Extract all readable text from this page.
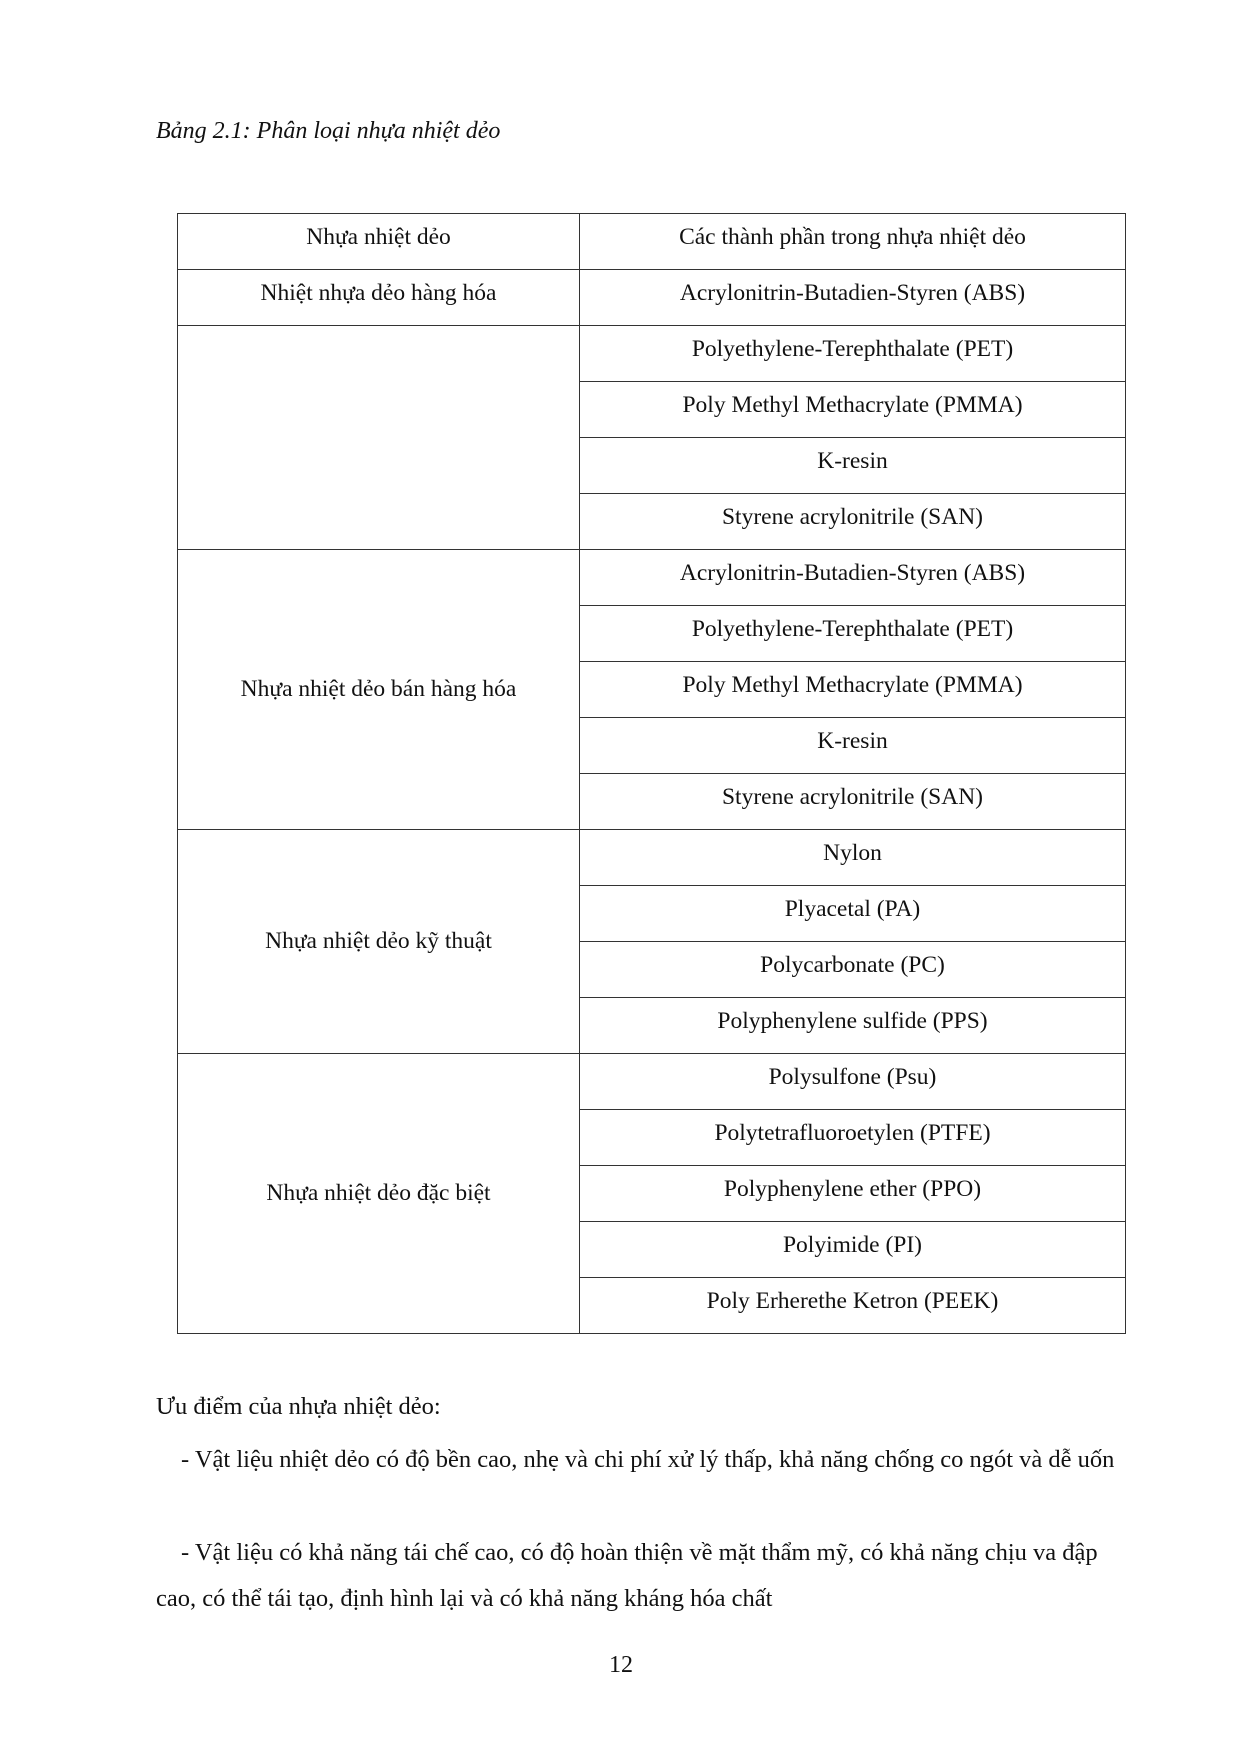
Bảng 2.1: Phân loại nhựa nhiệt dẻo

Nhựa nhiệt dẻo	Các thành phần trong nhựa nhiệt dẻo
Nhiệt nhựa dẻo hàng hóa	Acrylonitrin-Butadien-Styren (ABS)
	Polyethylene-Terephthalate (PET)
	Poly Methyl Methacrylate (PMMA)
	K-resin
	Styrene acrylonitrile (SAN)
Nhựa nhiệt dẻo bán hàng hóa	Acrylonitrin-Butadien-Styren (ABS)
	Polyethylene-Terephthalate (PET)
	Poly Methyl Methacrylate (PMMA)
	K-resin
	Styrene acrylonitrile (SAN)
Nhựa nhiệt dẻo kỹ thuật	Nylon
	Plyacetal (PA)
	Polycarbonate (PC)
	Polyphenylene sulfide (PPS)
Nhựa nhiệt dẻo đặc biệt	Polysulfone (Psu)
	Polytetrafluoroetylen (PTFE)
	Polyphenylene ether (PPO)
	Polyimide (PI)
	Poly Erherethe Ketron (PEEK)

Ưu điểm của nhựa nhiệt dẻo:

- Vật liệu nhiệt dẻo có độ bền cao, nhẹ và chi phí xử lý thấp, khả năng chống co ngót và dễ uốn

- Vật liệu có khả năng tái chế cao, có độ hoàn thiện về mặt thẩm mỹ, có khả năng chịu va đập cao, có thể tái tạo, định hình lại và có khả năng kháng hóa chất

12
